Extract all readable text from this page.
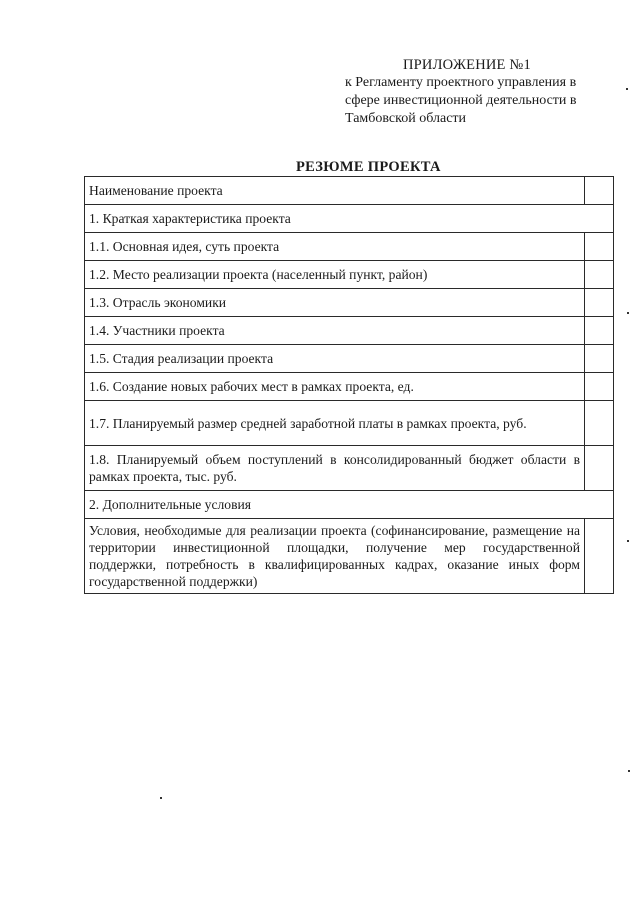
ПРИЛОЖЕНИЕ №1
к Регламенту проектного управления в
сфере инвестиционной деятельности в
Тамбовской области
РЕЗЮМЕ ПРОЕКТА
Наименование проекта	
1. Краткая характеристика проекта	
1.1. Основная идея, суть проекта	
1.2. Место реализации проекта (населенный пункт, район)	
1.3. Отрасль экономики	
1.4. Участники проекта	
1.5. Стадия реализации проекта	
1.6. Создание новых рабочих мест в рамках проекта, ед.	
1.7. Планируемый размер средней заработной платы в рамках проекта, руб.	
1.8. Планируемый объем поступлений в консолидированный бюджет области в рамках проекта, тыс. руб.	
2. Дополнительные условия	
Условия, необходимые для реализации проекта (софинансирование, размещение на территории инвестиционной площадки, получение мер государственной поддержки, потребность в квалифицированных кадрах, оказание иных форм государственной поддержки)	
